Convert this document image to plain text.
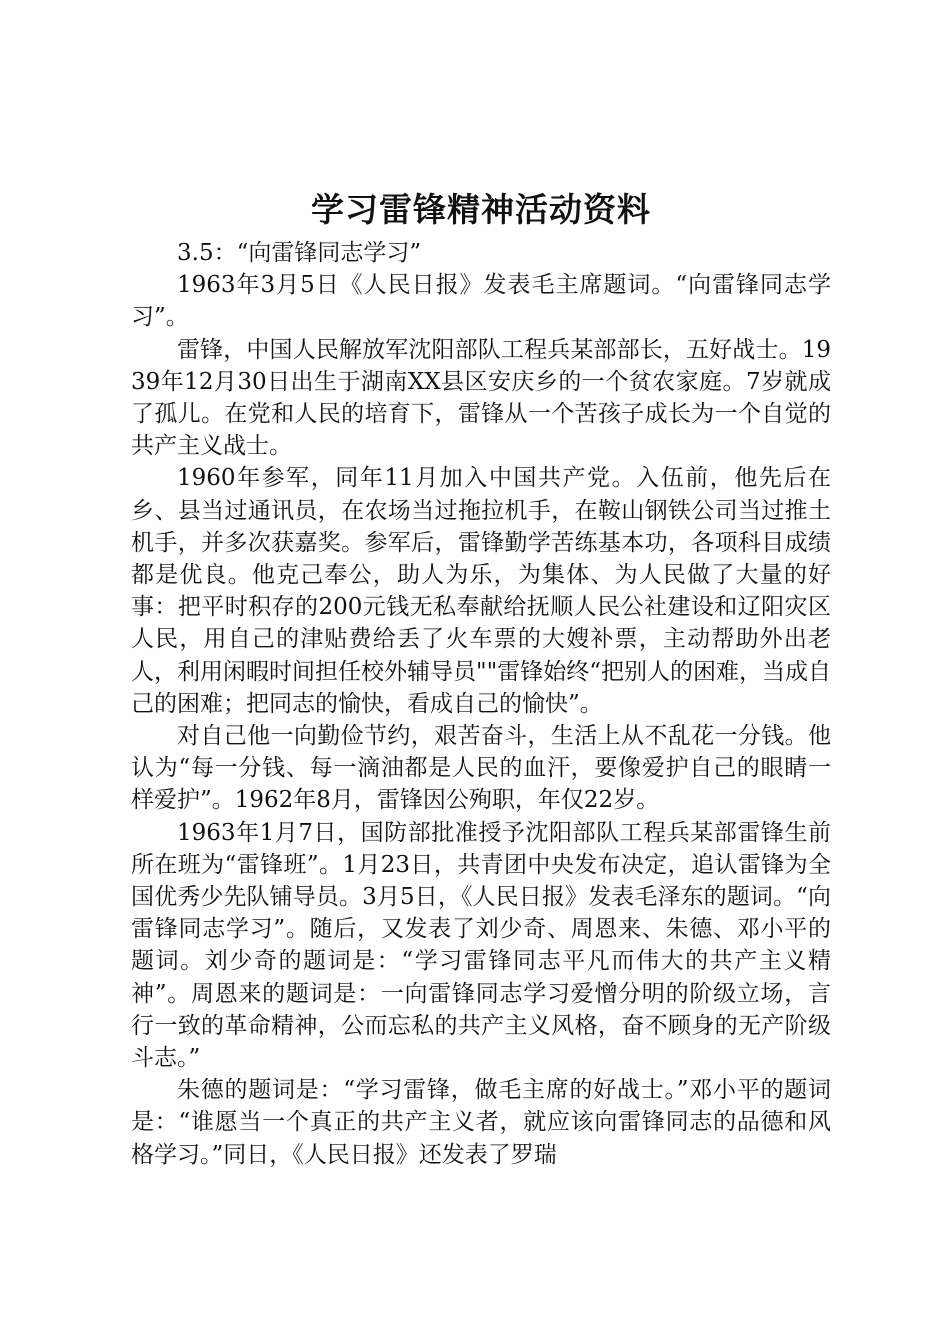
学习雷锋精神活动资料

3.5：“向雷锋同志学习”

1963年3月5日《人民日报》发表毛主席题词。“向雷锋同志学习”。

雷锋，中国人民解放军沈阳部队工程兵某部部长，五好战士。1939年12月30日出生于湖南XX县区安庆乡的一个贫农家庭。7岁就成了孤儿。在党和人民的培育下，雷锋从一个苦孩子成长为一个自觉的共产主义战士。

1960年参军，同年11月加入中国共产党。入伍前，他先后在乡、县当过通讯员，在农场当过拖拉机手，在鞍山钢铁公司当过推土机手，并多次获嘉奖。参军后，雷锋勤学苦练基本功，各项科目成绩都是优良。他克己奉公，助人为乐，为集体、为人民做了大量的好事：把平时积存的200元钱无私奉献给抚顺人民公社建设和辽阳灾区人民，用自己的津贴费给丢了火车票的大嫂补票，主动帮助外出老人，利用闲暇时间担任校外辅导员""雷锋始终“把别人的困难，当成自己的困难；把同志的愉快，看成自己的愉快”。

对自己他一向勤俭节约，艰苦奋斗，生活上从不乱花一分钱。他认为“每一分钱、每一滴油都是人民的血汗，要像爱护自己的眼睛一样爱护”。1962年8月，雷锋因公殉职，年仅22岁。

1963年1月7日，国防部批准授予沈阳部队工程兵某部雷锋生前所在班为“雷锋班”。1月23日，共青团中央发布决定，追认雷锋为全国优秀少先队铺导员。3月5日，《人民日报》发表毛泽东的题词。“向雷锋同志学习”。随后，又发表了刘少奇、周恩来、朱德、邓小平的题词。刘少奇的题词是：“学习雷锋同志平凡而伟大的共产主义精神”。周恩来的题词是：一向雷锋同志学习爱憎分明的阶级立场，言行一致的革命精神，公而忘私的共产主义风格，奋不顾身的无产阶级斗志。”

朱德的题词是：“学习雷锋，做毛主席的好战士。”邓小平的题词是：“谁愿当一个真正的共产主义者，就应该向雷锋同志的品德和风格学习。”同日，《人民日报》还发表了罗瑞
